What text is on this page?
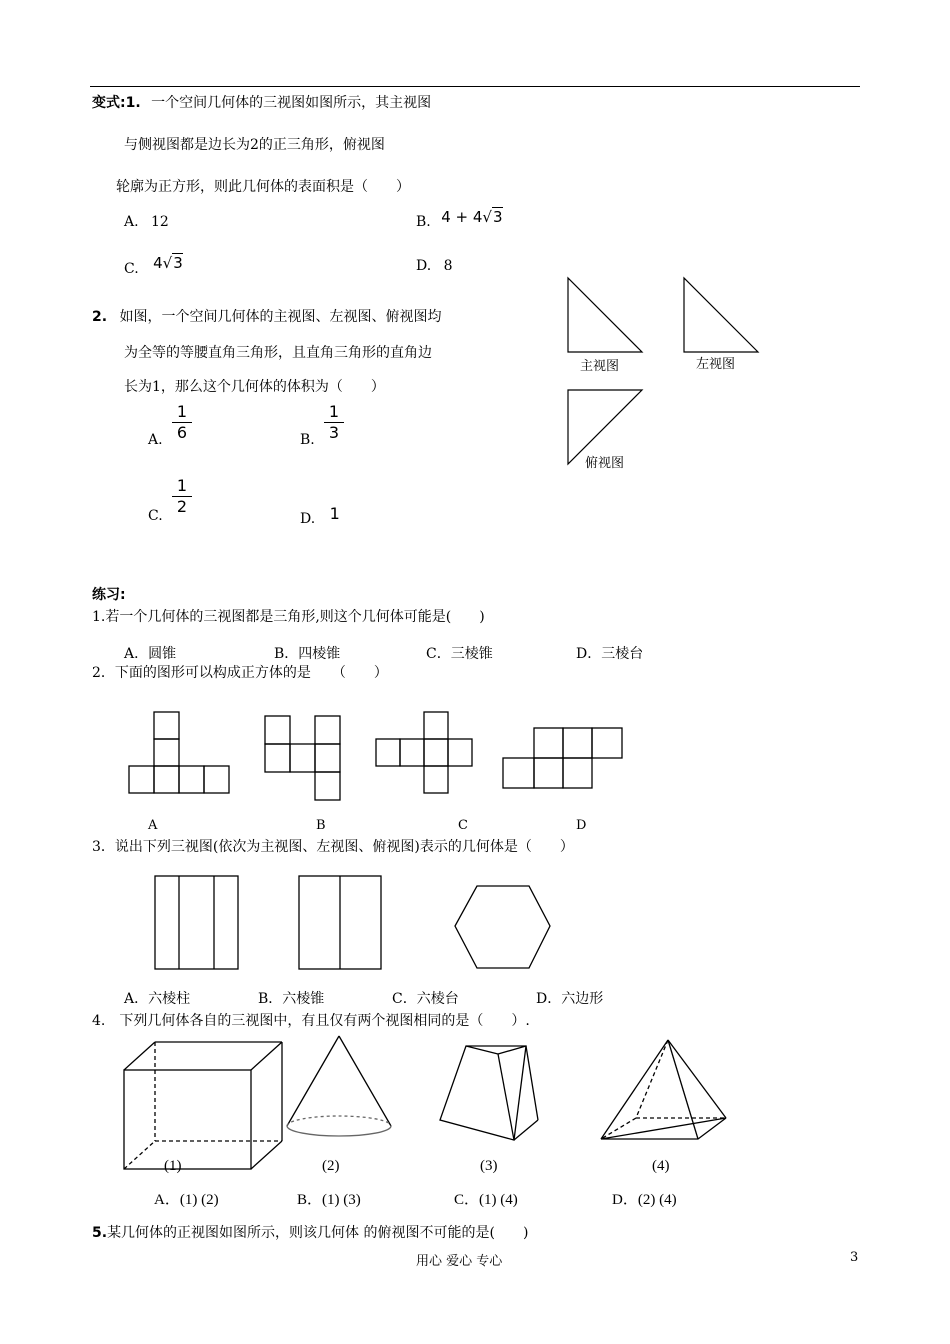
变式:1. 一个空间几何体的三视图如图所示，其主视图
与侧视图都是边长为2的正三角形，俯视图
轮廓为正方形，则此几何体的表面积是（　　）
A. 12	B. 4 + 4√3
C. 4√3	D. 8
2. 如图，一个空间几何体的主视图、左视图、俯视图均
为全等的等腰直角三角形，且直角三角形的直角边
长为1，那么这个几何体的体积为（　　）
A. $\frac{1}{6}$	B. $\frac{1}{3}$
C. $\frac{1}{2}$
D. 1
主视图	左视图
俯视图
练习:
1.若一个几何体的三视图都是三角形,则这个几何体可能是(　　)
A．圆锥	B．四棱锥	C．三棱锥	D．三棱台
2．下面的图形可以构成正方体的是　　（　　）
A	B	C	D
3．说出下列三视图(依次为主视图、左视图、俯视图)表示的几何体是（　　）
A．六棱柱	B．六棱锥	C．六棱台	D．六边形
4.　下列几何体各自的三视图中，有且仅有两个视图相同的是（　　）.
(1)	(2)	(3)	(4)
A．(1) (2)	B．(1) (3)	C．(1) (4)	D．(2) (4)
5.某几何体的正视图如图所示，则该几何体 的俯视图不可能的是(　　)
用心 爱心 专心	3
